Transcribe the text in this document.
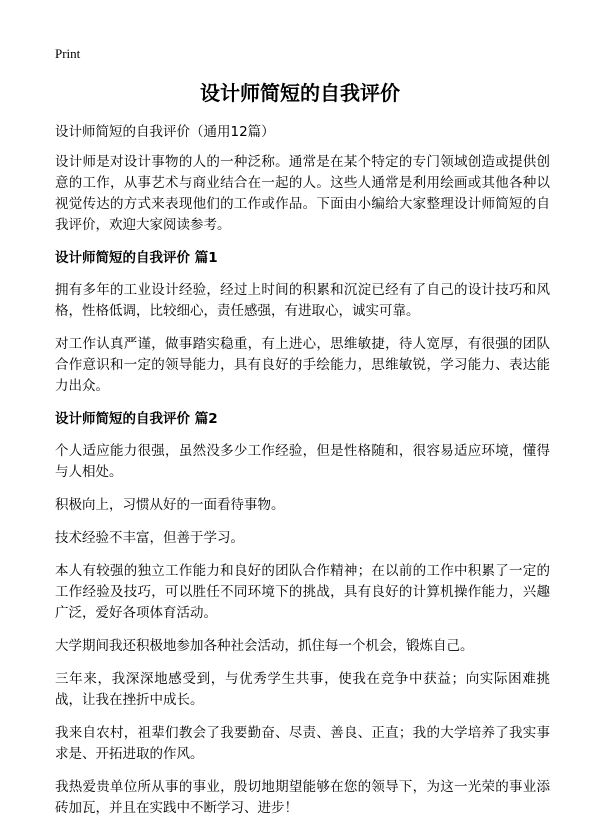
Print
设计师简短的自我评价
设计师简短的自我评价（通用12篇）

设计师是对设计事物的人的一种泛称。通常是在某个特定的专门领域创造或提供创意的工作，从事艺术与商业结合在一起的人。这些人通常是利用绘画或其他各种以视觉传达的方式来表现他们的工作或作品。下面由小编给大家整理设计师简短的自我评价，欢迎大家阅读参考。

设计师简短的自我评价 篇1

拥有多年的工业设计经验，经过上时间的积累和沉淀已经有了自己的设计技巧和风格，性格低调，比较细心，责任感强，有进取心，诚实可靠。

对工作认真严谨，做事踏实稳重，有上进心，思维敏捷，待人宽厚，有很强的团队合作意识和一定的领导能力，具有良好的手绘能力，思维敏锐，学习能力、表达能力出众。

设计师简短的自我评价 篇2

个人适应能力很强，虽然没多少工作经验，但是性格随和，很容易适应环境，懂得与人相处。

积极向上，习惯从好的一面看待事物。

技术经验不丰富，但善于学习。

本人有较强的独立工作能力和良好的团队合作精神；在以前的工作中积累了一定的工作经验及技巧，可以胜任不同环境下的挑战，具有良好的计算机操作能力，兴趣广泛，爱好各项体育活动。

大学期间我还积极地参加各种社会活动，抓住每一个机会，锻炼自己。

三年来，我深深地感受到，与优秀学生共事，使我在竞争中获益；向实际困难挑战，让我在挫折中成长。

我来自农村，祖辈们教会了我要勤奋、尽责、善良、正直；我的大学培养了我实事求是、开拓进取的作风。

我热爱贵单位所从事的事业，殷切地期望能够在您的领导下，为这一光荣的事业添砖加瓦，并且在实践中不断学习、进步！
